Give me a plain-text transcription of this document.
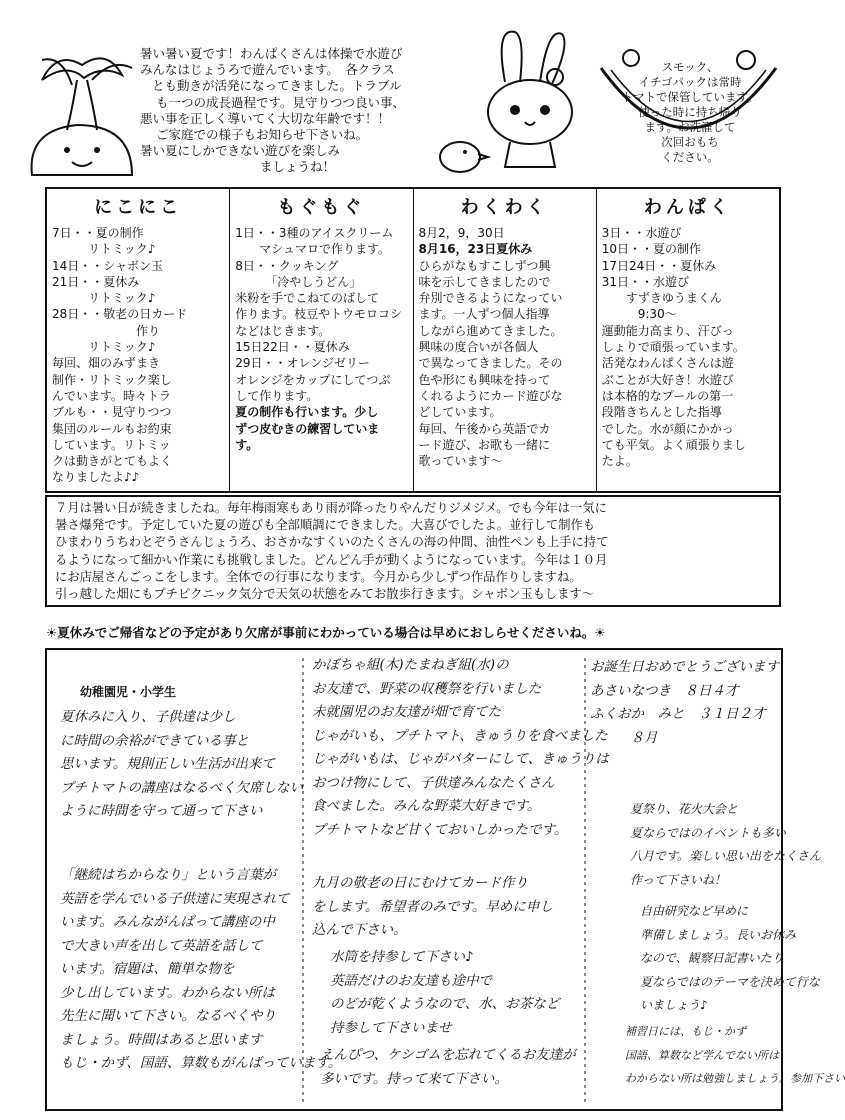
暑い暑い夏です！わんぱくさんは体操で水遊び
みんなはじょうろで遊んでいます。　各クラス
とも動きが活発になってきました。トラブル
も一つの成長過程です。見守りつつ良い事、
悪い事を正しく導いてく大切な年齢です！！
ご家庭での様子もお知らせ下さいね。
暑い夏にしかできない遊びを楽しみ
ましょうね！
スモック、
イチゴパックは常時
トマトで保管しています。
使った時に持ち帰り
ます。お洗濯して
次回おもち
ください。
にこにこ
7日・・夏の制作
　　　リトミック♪
14日・・シャボン玉
21日・・夏休み
　　　リトミック♪
28日・・敬老の日カード
　　　　　　　作り
　　　リトミック♪
毎回、畑のみずまき
制作・リトミック楽し
んでいます。時々トラ
ブルも・・見守りつつ
集団のルールもお約束
しています。リトミッ
クは動きがとてもよく
なりましたよ♪♪
もぐもぐ
1日・・3種のアイスクリーム
　　マシュマロで作ります。
8日・・クッキング
　　　「冷やしうどん」
米粉を手でこねてのばして
作ります。枝豆やトウモロコシ
などはじきます。
15日22日・・夏休み
29日・・オレンジゼリー
オレンジをカップにしてつぶ
して作ります。
夏の制作も行います。少し
ずつ皮むきの練習していま
す。
わくわく
8月2，9，30日
8月16，23日夏休み
ひらがなもすこしずつ興
味を示してきましたので
弁別できるようになってい
ます。一人ずつ個人指導
しながら進めてきました。
興味の度合いが各個人
で異なってきました。その
色や形にも興味を持って
くれるようにカード遊びな
どしています。
毎回、午後から英語でカ
ード遊び、お歌も一緒に
歌っています～
わんぱく
3日・・水遊び
10日・・夏の制作
17日24日・・夏休み
31日・・水遊び
　　すずきゆうまくん
　　　9:30～
運動能力高まり、汗びっ
しょりで頑張っています。
活発なわんぱくさんは遊
ぶことが大好き！水遊び
は本格的なプールの第一
段階きちんとした指導
でした。水が顔にかかっ
ても平気。よく頑張りまし
たよ。
７月は暑い日が続きましたね。毎年梅雨寒もあり雨が降ったりやんだりジメジメ。でも今年は一気に
暑さ爆発です。予定していた夏の遊びも全部順調にできました。大喜びでしたよ。並行して制作も
ひまわりうちわとぞうさんじょうろ、おさかなすくいのたくさんの海の仲間、油性ペンも上手に持て
るようになって細かい作業にも挑戦しました。どんどん手が動くようになっています。今年は１０月
にお店屋さんごっこをします。全体での行事になります。今月から少しずつ作品作りしますね。
引っ越した畑にもプチピクニック気分で天気の状態をみてお散歩行きます。シャボン玉もします～
☀夏休みでご帰省などの予定があり欠席が事前にわかっている場合は早めにおしらせくださいね。☀
幼稚園児・小学生
夏休みに入り、子供達は少し
に時間の余裕ができている事と
思います。規則正しい生活が出来て
プチトマトの講座はなるべく欠席しない
ように時間を守って通って下さい
「継続はちからなり」という言葉が
英語を学んでいる子供達に実現されて
います。みんながんばって講座の中
で大きい声を出して英語を話して
います。宿題は、簡単な物を
少し出しています。わからない所は
先生に聞いて下さい。なるべくやり
ましょう。時間はあると思います
もじ・かず、国語、算数もがんばっています。
かぼちゃ組(木)たまねぎ組(水)の
お友達で、野菜の収穫祭を行いました
未就園児のお友達が畑で育てた
じゃがいも、プチトマト、きゅうりを食べました
じゃがいもは、じゃがバターにして、きゅうりは
おつけ物にして、子供達みんなたくさん
食べました。みんな野菜大好きです。
プチトマトなど甘くておいしかったです。
九月の敬老の日にむけてカード作り
をします。希望者のみです。早めに申し
込んで下さい。
水筒を持参して下さい♪
英語だけのお友達も途中で
のどが乾くようなので、水、お茶など
持参して下さいませ
えんぴつ、ケシゴムを忘れてくるお友達が
多いです。持って来て下さい。
お誕生日おめでとうございます
あさいなつき　８日４才
ふくおか　みと　３１日２才
　　　８月
夏祭り、花火大会と
夏ならではのイベントも多い
八月です。楽しい思い出をたくさん
作って下さいね！
自由研究など早めに
準備しましょう。長いお休み
なので、観察日記書いたり
夏ならではのテーマを決めて行な
いましょう♪
補習日には、もじ・かず
国語、算数など学んでない所は
わからない所は勉強しましょう。参加下さい
